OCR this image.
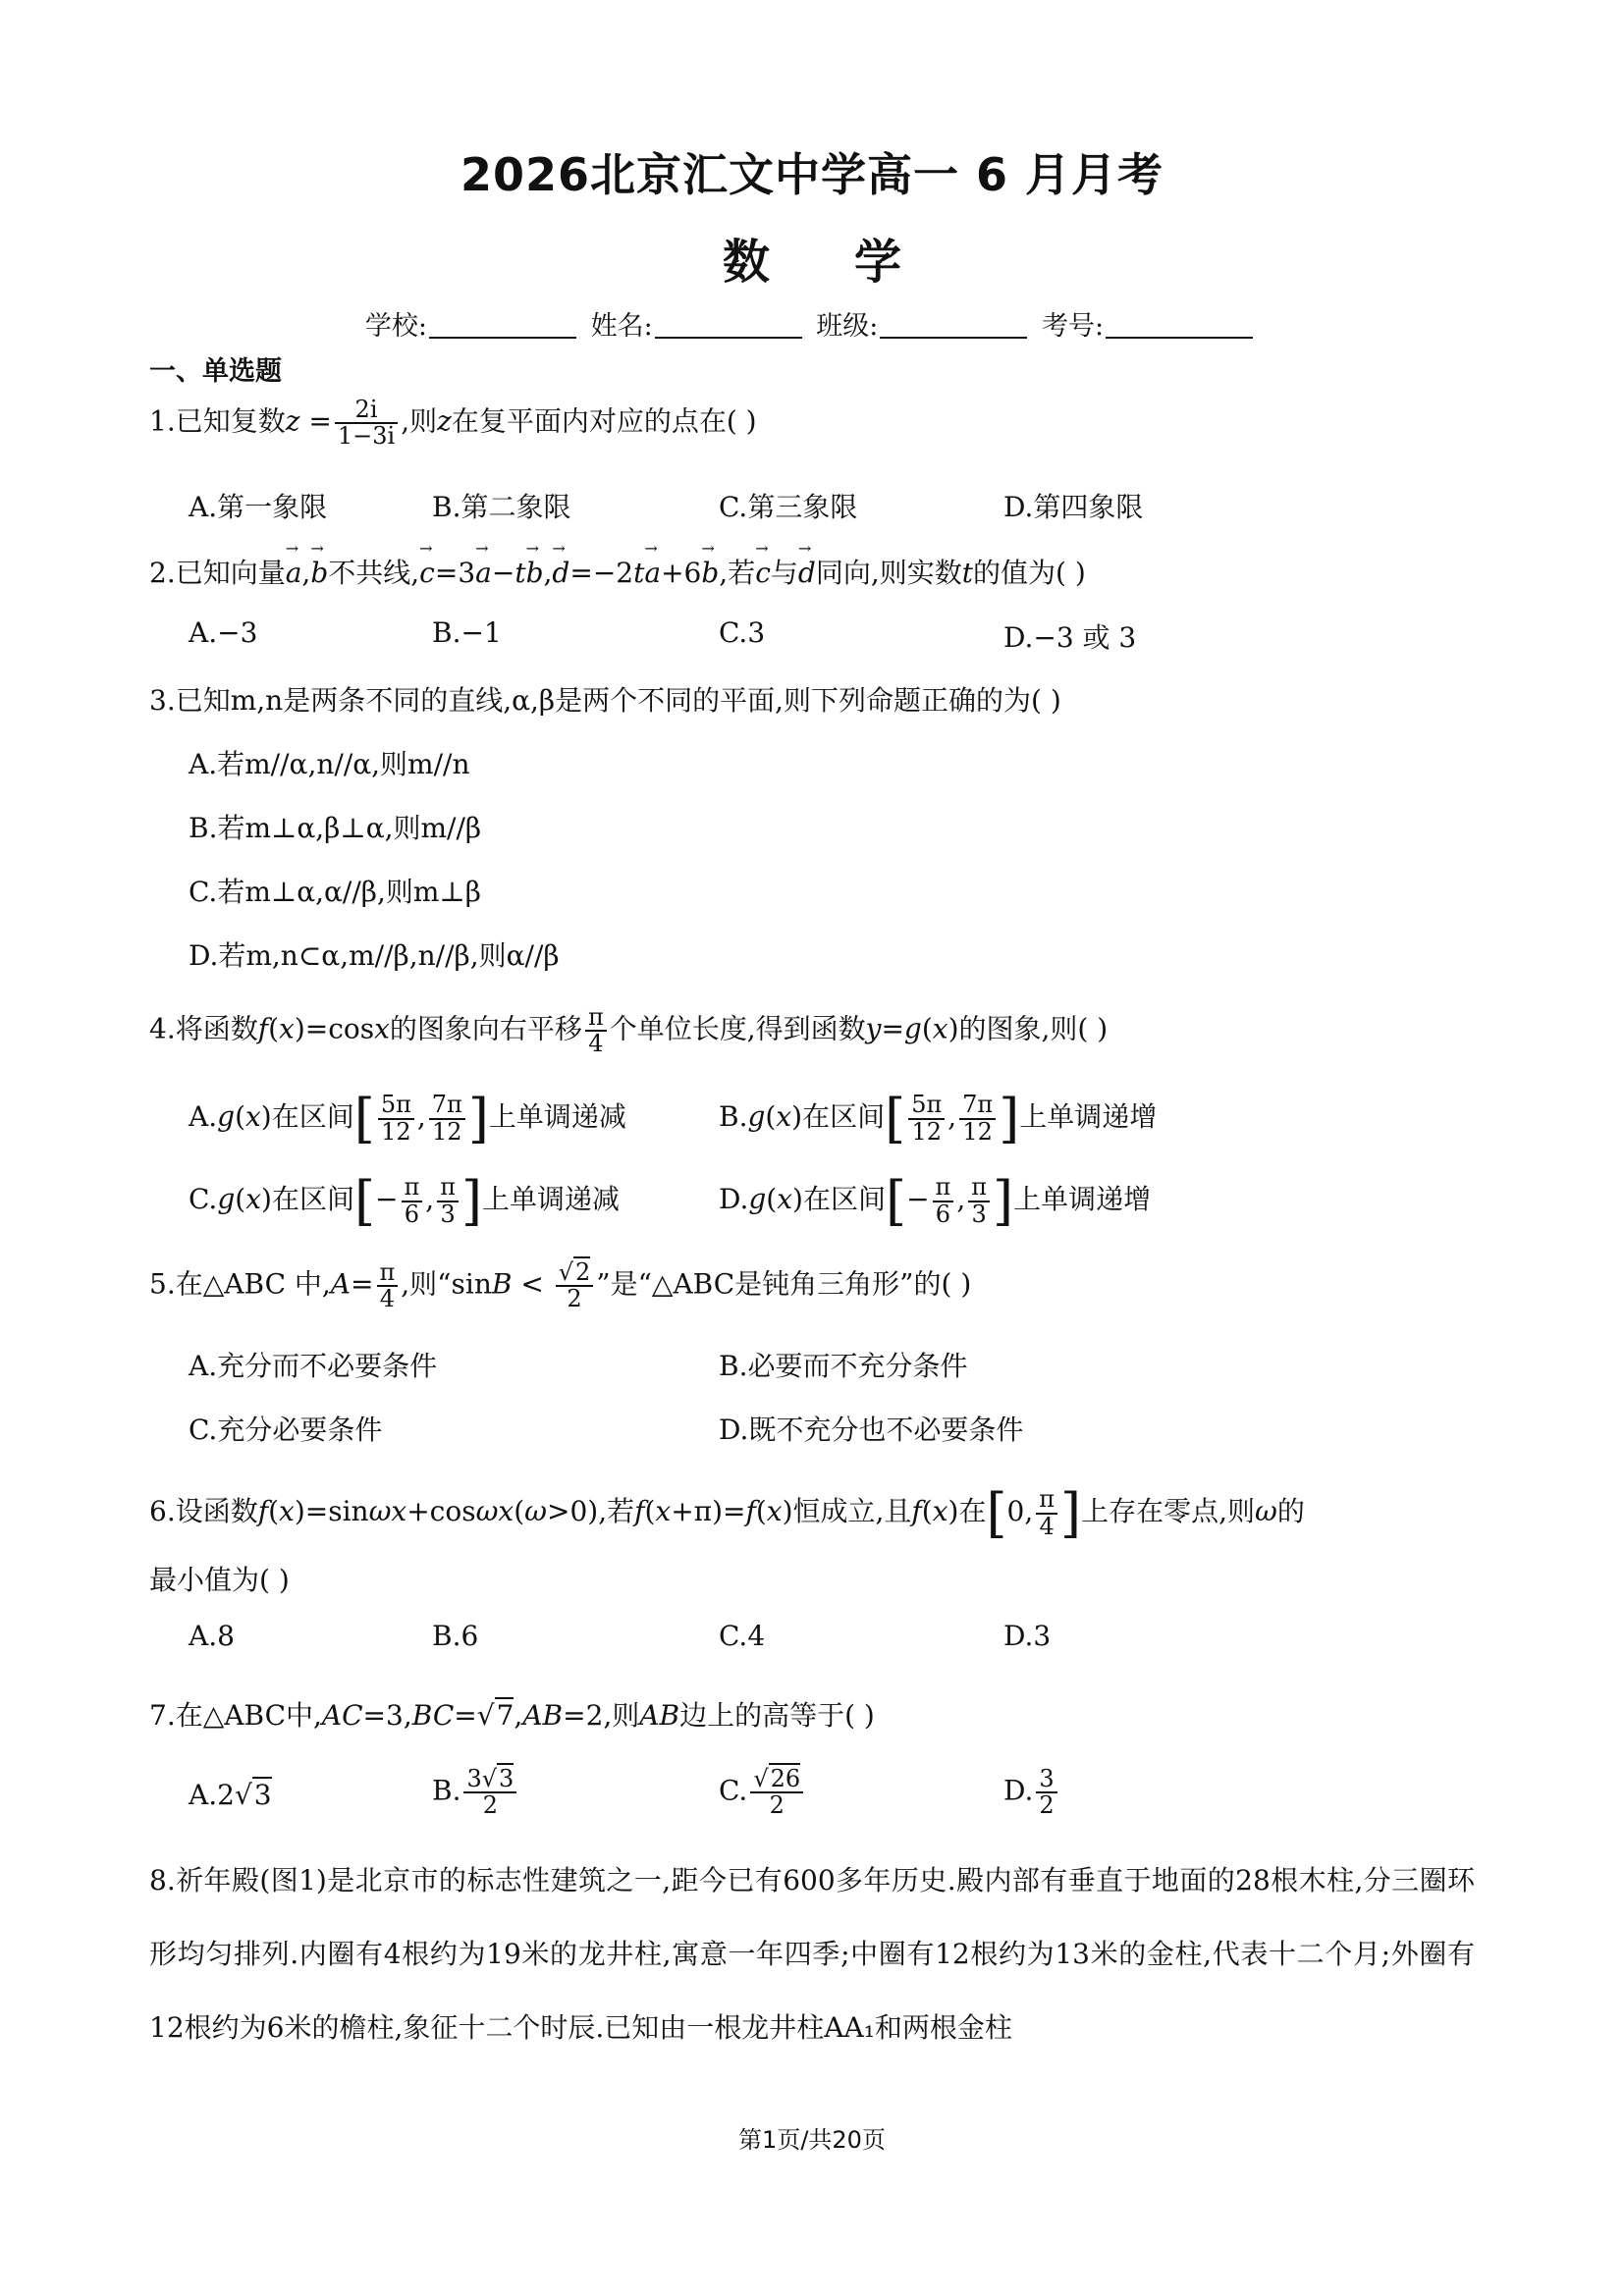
2026北京汇文中学高一 6 月月考
数学
学校:	姓名:	班级:	考号:
一、单选题
1.已知复数$z = \frac{2i}{1-3i}$ ,则z在复平面内对应的点在( )
A.第一象限	B.第二象限	C.第三象限	D.第四象限
2.已知向量→ a,→ b不共线,→ c=3→ a−t→ b,→ d=−2t→ a+6→ b,若→ c与→ d同向,则实数t的值为( )
A.−3	B.−1	C.3	D.−3 或 3
3.已知m,n是两条不同的直线,α,β是两个不同的平面,则下列命题正确的为( )
A.若m//α,n//α,则m//n
B.若m⊥α,β⊥α,则m//β
C.若m⊥α,α//β,则m⊥β
D.若m,n⊂α,m//β,n//β,则α//β
4.将函数f(x)=cosx的图象向右平移 $\frac{\pi}{4}$ 个单位长度,得到函数y=g(x)的图象,则( )
A.g(x)在区间[ $\frac{5\pi}{12}$ , $\frac{7\pi}{12}$ ]上单调递减	B.g(x)在区间[ $\frac{5\pi}{12}$ , $\frac{7\pi}{12}$ ]上单调递增
C.g(x)在区间[− $\frac{\pi}{6}$ , $\frac{\pi}{3}$ ]上单调递减	D.g(x)在区间[− $\frac{\pi}{6}$ , $\frac{\pi}{3}$ ]上单调递增
5.在△ABC 中$,A= \frac{\pi}{4}$ ,则“$\sin B < \frac{√2}{2}$ ”是“△ABC是钝角三角形”的( )
A.充分而不必要条件	B.必要而不充分条件
C.充分必要条件	D.既不充分也不必要条件
6.设函数f(x)=sinωx+cosωx(ω>0),若f(x+π)=f(x)恒成立,且f(x)在[0, $\frac{\pi}{4}$ ]上存在零点,则ω的
最小值为( )
A.8	B.6	C.4	D.3
7.在△ABC中,AC=3,BC=√7,AB=2,则AB边上的高等于( )
A.2√3	B. $\frac{3√3}{2}$	C. $\frac{√26}{2}$	D. $\frac{3}{2}$
8.祈年殿(图1)是北京市的标志性建筑之一,距今已有600多年历史.殿内部有垂直于地面的28根木柱,分三圈环形均匀排列.内圈有4根约为19米的龙井柱,寓意一年四季;中圈有12根约为13米的金柱,代表十二个月;外圈有12根约为6米的檐柱,象征十二个时辰.已知由一根龙井柱AA₁和两根金柱
第1页/共20页
